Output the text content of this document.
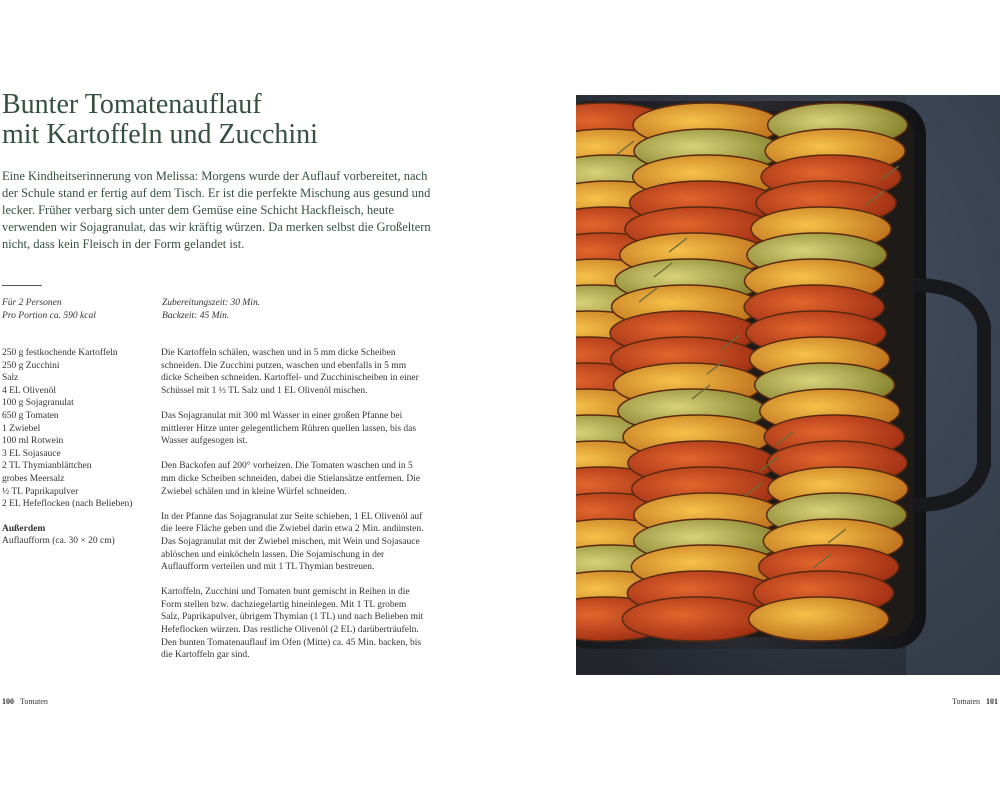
Bunter Tomatenauflauf
mit Kartoffeln und Zucchini

Eine Kindheitserinnerung von Melissa: Morgens wurde der Auflauf vorbereitet, nach der Schule stand er fertig auf dem Tisch. Er ist die perfekte Mischung aus gesund und lecker. Früher verbarg sich unter dem Gemüse eine Schicht Hackfleisch, heute verwenden wir Sojagranulat, das wir kräftig würzen. Da merken selbst die Großeltern nicht, dass kein Fleisch in der Form gelandet ist.

Für 2 Personen
Pro Portion ca. 590 kcal
Zubereitungszeit: 30 Min.
Backzeit: 45 Min.
250 g festkochende Kartoffeln
250 g Zucchini
Salz
4 EL Olivenöl
100 g Sojagranulat
650 g Tomaten
1 Zwiebel
100 ml Rotwein
3 EL Sojasauce
2 TL Thymianblättchen
grobes Meersalz
½ TL Paprikapulver
2 EL Hefeflocken (nach Belieben)
Außerdem
Auflaufform (ca. 30 × 20 cm)

Die Kartoffeln schälen, waschen und in 5 mm dicke Scheiben schneiden. Die Zucchini putzen, waschen und ebenfalls in 5 mm dicke Scheiben schneiden. Kartoffel- und Zucchinischeiben in einer Schüssel mit 1 ½ TL Salz und 1 EL Olivenöl mischen.

Das Sojagranulat mit 300 ml Wasser in einer großen Pfanne bei mittlerer Hitze unter gelegentlichem Rühren quellen lassen, bis das Wasser aufgesogen ist.

Den Backofen auf 200° vorheizen. Die Tomaten waschen und in 5 mm dicke Scheiben schneiden, dabei die Stielansätze entfernen. Die Zwiebel schälen und in kleine Würfel schneiden.

In der Pfanne das Sojagranulat zur Seite schieben, 1 EL Olivenöl auf die leere Fläche geben und die Zwiebel darin etwa 2 Min. andünsten. Das Sojagranulat mit der Zwiebel mischen, mit Wein und Sojasauce ablöschen und einköcheln lassen. Die Sojamischung in der Auflaufform verteilen und mit 1 TL Thymian bestreuen.

Kartoffeln, Zucchini und Tomaten bunt gemischt in Reihen in die Form stellen bzw. dachziegelartig hineinlegen. Mit 1 TL grobem Salz, Paprikapulver, übrigem Thymian (1 TL) und nach Belieben mit Hefeflocken würzen. Das restliche Olivenöl (2 EL) darüberträufeln. Den bunten Tomatenauflauf im Ofen (Mitte) ca. 45 Min. backen, bis die Kartoffeln gar sind.

100 Tomaten	Tomaten 101
